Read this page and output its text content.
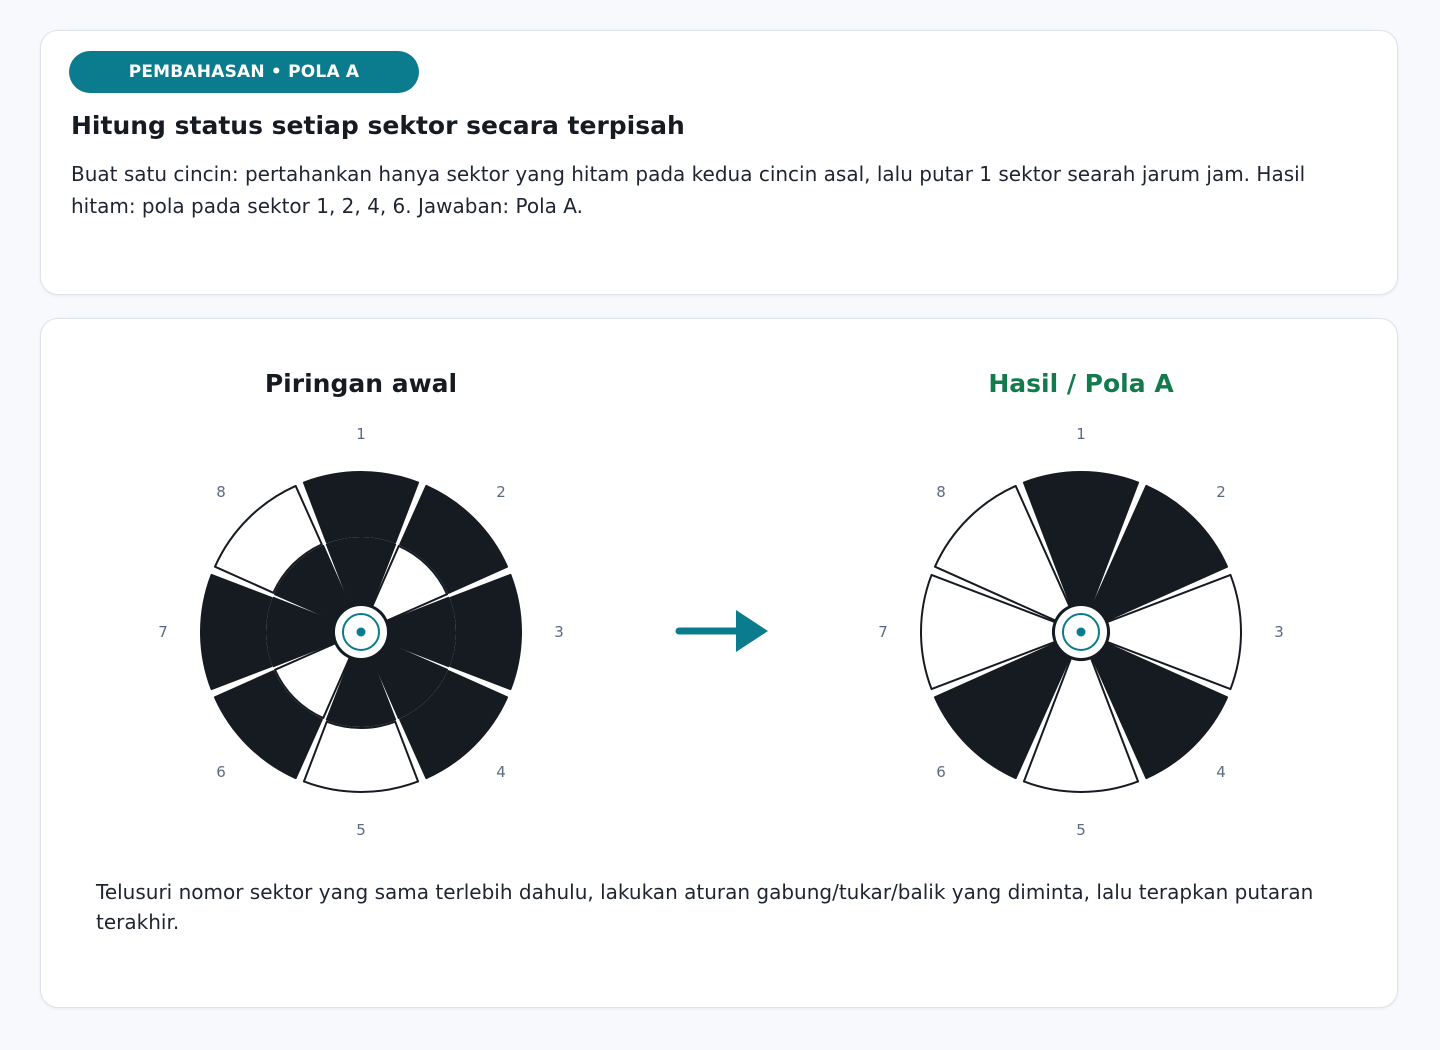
PEMBAHASAN • POLA A
Hitung status setiap sektor secara terpisah

Buat satu cincin: pertahankan hanya sektor yang hitam pada kedua cincin asal, lalu putar 1 sektor searah jarum jam. Hasil hitam: pola pada sektor 1, 2, 4, 6. Jawaban: Pola A.

Piringan awal	Hasil / Pola A
1
2
3
4
5
6
7
8
1
2
3
4
5
6
7
8

Telusuri nomor sektor yang sama terlebih dahulu, lakukan aturan gabung/tukar/balik yang diminta, lalu terapkan putaran terakhir.
